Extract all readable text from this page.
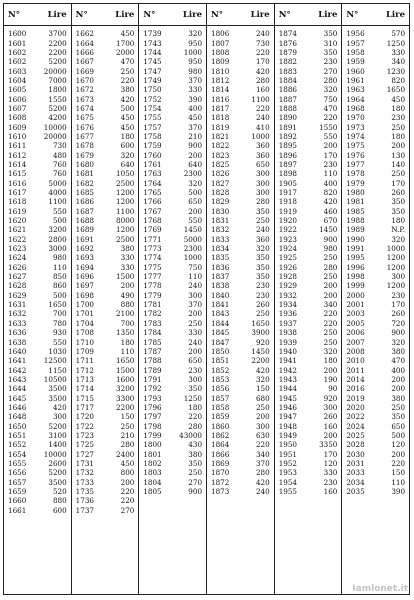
N°	Lire
1600	3700
1601	2200
1602	2200
1602	5200
1603	20000
1604	7000
1605	1800
1606	1550
1607	5200
1608	4200
1609	10000
1610	20000
1611	730
1612	480
1614	760
1615	760
1616	5000
1617	4000
1618	1100
1619	550
1620	500
1621	3200
1622	2800
1623	3000
1624	980
1626	110
1627	850
1628	860
1629	500
1631	1650
1632	700
1633	780
1636	930
1638	550
1640	1030
1641	12500
1642	1150
1643	10500
1644	3500
1645	3500
1646	420
1648	300
1650	5200
1651	3100
1652	1400
1654	10000
1655	2600
1656	5200
1657	3500
1659	520
1660	880
1661	600
N°	Lire
1662	450
1664	1700
1666	2000
1667	470
1669	250
1670	220
1672	380
1673	420
1674	500
1675	450
1676	450
1677	180
1678	600
1679	320
1680	640
1681	1050
1682	2500
1685	1200
1686	1200
1687	1100
1688	8000
1689	1200
1691	2500
1692	380
1693	330
1694	330
1696	1500
1697	200
1698	490
1700	880
1701	2100
1704	700
1708	1350
1710	180
1709	110
1711	1650
1712	1500
1713	1600
1714	3200
1715	3300
1717	2200
1720	150
1722	250
1723	210
1725	280
1727	2400
1731	450
1732	800
1733	200
1735	220
1736	220
1737	270
N°	Lire
1739	320
1743	950
1744	1000
1745	950
1747	980
1749	370
1750	330
1752	390
1754	400
1755	450
1757	370
1758	210
1759	900
1760	200
1761	640
1763	2300
1764	320
1765	500
1766	650
1767	200
1768	550
1769	1450
1771	5000
1773	2300
1774	1000
1775	750
1777	110
1778	240
1779	300
1781	370
1782	200
1783	250
1784	330
1785	240
1787	200
1788	650
1789	230
1791	300
1792	350
1793	1250
1796	180
1797	220
1798	280
1799	43000
1800	430
1801	380
1802	350
1803	250
1804	270
1805	900
N°	Lire
1806	240
1807	730
1808	220
1809	170
1810	420
1812	280
1814	160
1816	1100
1817	220
1818	240
1819	410
1821	1000
1822	360
1823	360
1825	650
1826	300
1827	300
1828	300
1829	280
1830	350
1831	250
1832	240
1833	360
1834	320
1835	350
1836	350
1837	350
1838	230
1840	230
1841	260
1843	250
1844	1650
1845	3900
1847	920
1850	1450
1851	2200
1852	420
1853	320
1856	150
1857	680
1858	250
1859	200
1860	300
1862	630
1864	220
1866	340
1869	370
1870	280
1872	420
1873	240
N°	Lire
1874	350
1876	310
1879	350
1882	230
1883	270
1884	280
1886	320
1887	750
1888	470
1890	220
1891	1550
1892	550
1895	200
1896	170
1897	230
1898	110
1905	400
1917	820
1918	420
1919	460
1920	670
1922	1450
1923	900
1924	980
1925	250
1926	280
1928	250
1929	200
1932	200
1934	340
1936	220
1937	220
1938	250
1939	250
1940	320
1941	180
1942	200
1943	190
1944	90
1945	920
1946	300
1947	260
1948	160
1949	200
1950	3350
1951	170
1952	120
1953	330
1954	230
1955	160
N°	Lire
1956	570
1957	1250
1958	330
1959	340
1960	1230
1961	820
1963	1650
1964	450
1968	180
1970	230
1973	250
1974	180
1975	200
1976	130
1977	140
1978	250
1979	170
1980	260
1981	350
1985	350
1988	180
1989	N.P.
1990	320
1991	1000
1995	1200
1996	1200
1998	300
1999	1200
2000	230
2001	170
2003	260
2005	720
2006	900
2007	320
2008	380
2010	470
2011	400
2014	200
2016	200
2019	380
2020	250
2022	350
2024	650
2025	500
2028	120
2030	200
2031	220
2033	150
2034	110
2035	390
Iamlonet.it
